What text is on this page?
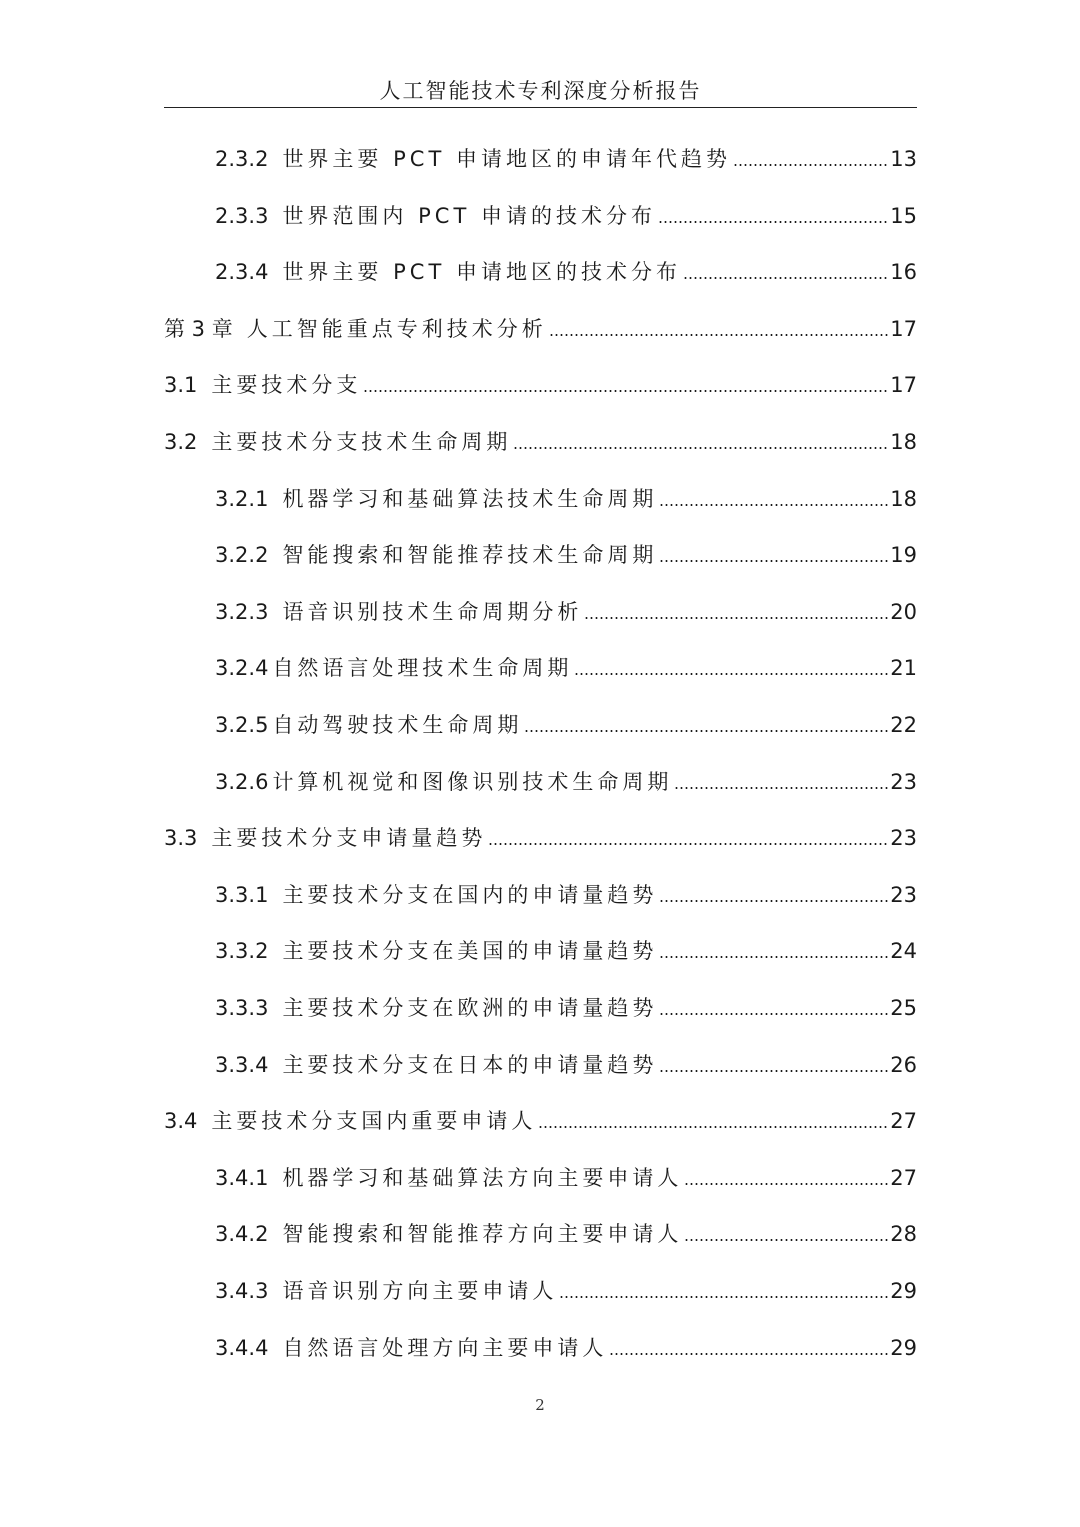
人工智能技术专利深度分析报告
2.3.2 世界主要 PCT 申请地区的申请年代趋势	13
2.3.3 世界范围内 PCT 申请的技术分布	15
2.3.4 世界主要 PCT 申请地区的技术分布	16
第 3 章 人工智能重点专利技术分析	17
3.1 主要技术分支	17
3.2 主要技术分支技术生命周期	18
3.2.1 机器学习和基础算法技术生命周期	18
3.2.2 智能搜索和智能推荐技术生命周期	19
3.2.3 语音识别技术生命周期分析	20
3.2.4 自然语言处理技术生命周期	21
3.2.5 自动驾驶技术生命周期	22
3.2.6 计算机视觉和图像识别技术生命周期	23
3.3 主要技术分支申请量趋势	23
3.3.1 主要技术分支在国内的申请量趋势	23
3.3.2 主要技术分支在美国的申请量趋势	24
3.3.3 主要技术分支在欧洲的申请量趋势	25
3.3.4 主要技术分支在日本的申请量趋势	26
3.4 主要技术分支国内重要申请人	27
3.4.1 机器学习和基础算法方向主要申请人	27
3.4.2 智能搜索和智能推荐方向主要申请人	28
3.4.3 语音识别方向主要申请人	29
3.4.4 自然语言处理方向主要申请人	29
2
